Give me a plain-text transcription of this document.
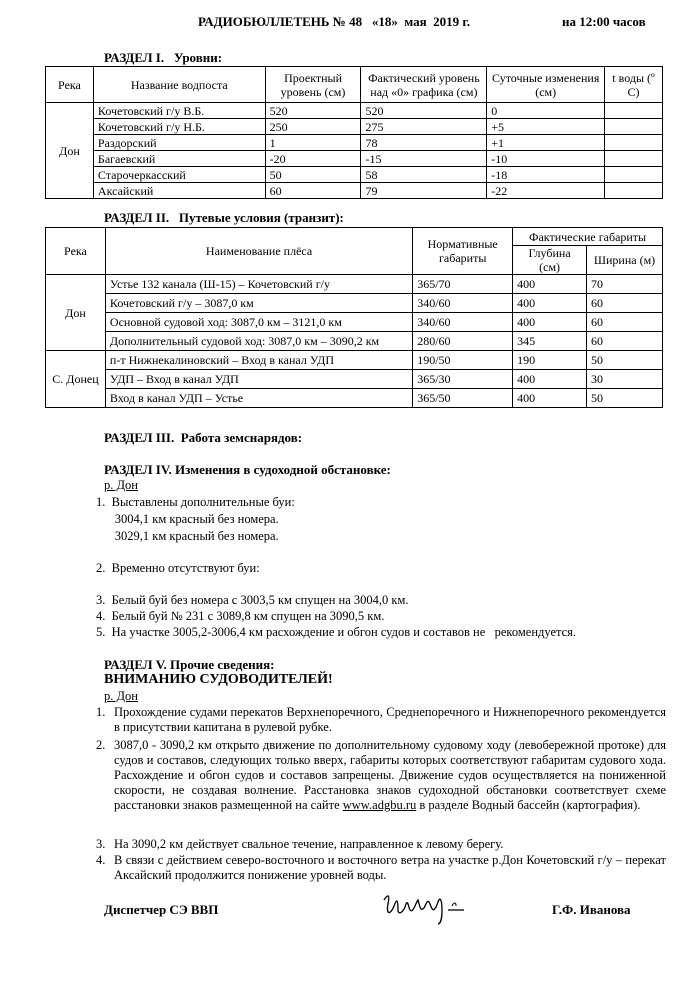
РАДИОБЮЛЛЕТЕНЬ № 48   «18»  мая  2019 г.	на 12:00 часов
РАЗДЕЛ I.   Уровни:
Река	Название водпоста	Проектный уровень (см)	Фактический уровень над «0» графика (см)	Суточные изменения (см)	t воды (º С)
Дон	Кочетовский г/у В.Б.	520	520	0	
	Кочетовский г/у Н.Б.	250	275	+5	
	Раздорский	1	78	+1	
	Багаевский	-20	-15	-10	
	Старочеркасский	50	58	-18	
	Аксайский	60	79	-22	
РАЗДЕЛ II.   Путевые условия (транзит):
Река	Наименование плёса	Нормативные габариты	Фактические габариты	
			Глубина (см)	Ширина (м)
Дон	Устье 132 канала (Ш-15) – Кочетовский г/у	365/70	400	70
	Кочетовский г/у – 3087,0 км	340/60	400	60
	Основной судовой ход: 3087,0 км – 3121,0 км	340/60	400	60
	Дополнительный судовой ход: 3087,0 км – 3090,2 км	280/60	345	60
С. Донец	п-т Нижнекалиновский – Вход в канал УДП	190/50	190	50
	УДП – Вход в канал УДП	365/30	400	30
	Вход в канал УДП – Устье	365/50	400	50
РАЗДЕЛ III.  Работа земснарядов:
РАЗДЕЛ IV. Изменения в судоходной обстановке:
р. Дон
1.  Выставлены дополнительные буи:
3004,1 км красный без номера.
3029,1 км красный без номера.
2.  Временно отсутствуют буи:
3.  Белый буй без номера с 3003,5 км спущен на 3004,0 км.
4.  Белый буй № 231 с 3089,8 км спущен на 3090,5 км.
5.  На участке 3005,2-3006,4 км расхождение и обгон судов и составов не   рекомендуется.
РАЗДЕЛ V. Прочие сведения:
ВНИМАНИЮ СУДОВОДИТЕЛЕЙ!
р. Дон
1. Прохождение судами перекатов Верхнепоречного, Среднепоречного и Нижнепоречного рекомендуется в присутствии капитана в рулевой рубке.
2. 3087,0 - 3090,2 км открыто движение по дополнительному судовому ходу (левобережной протоке) для судов и составов, следующих только вверх, габариты которых соответствуют габаритам судового хода. Расхождение и обгон судов и составов запрещены. Движение судов осуществляется на пониженной скорости, не создавая волнение. Расстановка знаков судоходной обстановки соответствует схеме расстановки знаков размещенной на сайте www.adgbu.ru в разделе Водный бассейн (картография).
3. На 3090,2 км действует свальное течение, направленное к левому берегу.
4. В связи с действием северо-восточного и восточного ветра на участке р.Дон Кочетовский г/у – перекат Аксайский продолжится понижение уровней воды.
Диспетчер СЭ ВВП	Г.Ф. Иванова
